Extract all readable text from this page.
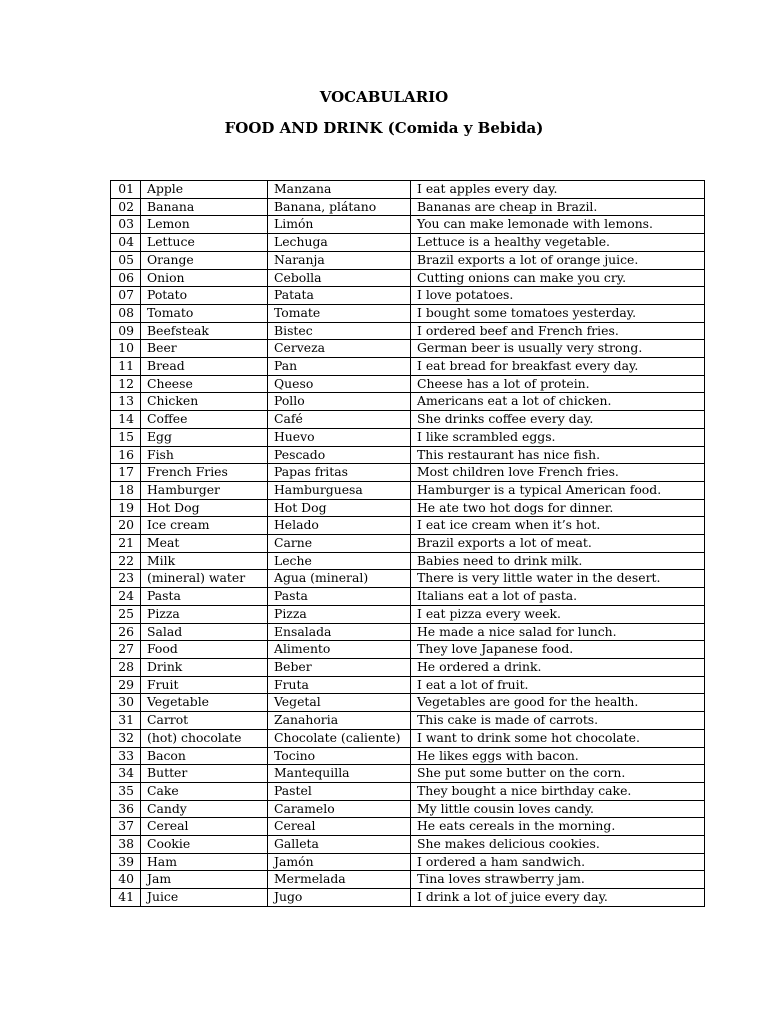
VOCABULARIO
FOOD AND DRINK (Comida y Bebida)
01	Apple	Manzana	I eat apples every day.
02	Banana	Banana, plátano	Bananas are cheap in Brazil.
03	Lemon	Limón	You can make lemonade with lemons.
04	Lettuce	Lechuga	Lettuce is a healthy vegetable.
05	Orange	Naranja	Brazil exports a lot of orange juice.
06	Onion	Cebolla	Cutting onions can make you cry.
07	Potato	Patata	I love potatoes.
08	Tomato	Tomate	I bought some tomatoes yesterday.
09	Beefsteak	Bistec	I ordered beef and French fries.
10	Beer	Cerveza	German beer is usually very strong.
11	Bread	Pan	I eat bread for breakfast every day.
12	Cheese	Queso	Cheese has a lot of protein.
13	Chicken	Pollo	Americans eat a lot of chicken.
14	Coffee	Café	She drinks coffee every day.
15	Egg	Huevo	I like scrambled eggs.
16	Fish	Pescado	This restaurant has nice fish.
17	French Fries	Papas fritas	Most children love French fries.
18	Hamburger	Hamburguesa	Hamburger is a typical American food.
19	Hot Dog	Hot Dog	He ate two hot dogs for dinner.
20	Ice cream	Helado	I eat ice cream when it’s hot.
21	Meat	Carne	Brazil exports a lot of meat.
22	Milk	Leche	Babies need to drink milk.
23	(mineral) water	Agua (mineral)	There is very little water in the desert.
24	Pasta	Pasta	Italians eat a lot of pasta.
25	Pizza	Pizza	I eat pizza every week.
26	Salad	Ensalada	He made a nice salad for lunch.
27	Food	Alimento	They love Japanese food.
28	Drink	Beber	He ordered a drink.
29	Fruit	Fruta	I eat a lot of fruit.
30	Vegetable	Vegetal	Vegetables are good for the health.
31	Carrot	Zanahoria	This cake is made of carrots.
32	(hot) chocolate	Chocolate (caliente)	I want to drink some hot chocolate.
33	Bacon	Tocino	He likes eggs with bacon.
34	Butter	Mantequilla	She put some butter on the corn.
35	Cake	Pastel	They bought a nice birthday cake.
36	Candy	Caramelo	My little cousin loves candy.
37	Cereal	Cereal	He eats cereals in the morning.
38	Cookie	Galleta	She makes delicious cookies.
39	Ham	Jamón	I ordered a ham sandwich.
40	Jam	Mermelada	Tina loves strawberry jam.
41	Juice	Jugo	I drink a lot of juice every day.
